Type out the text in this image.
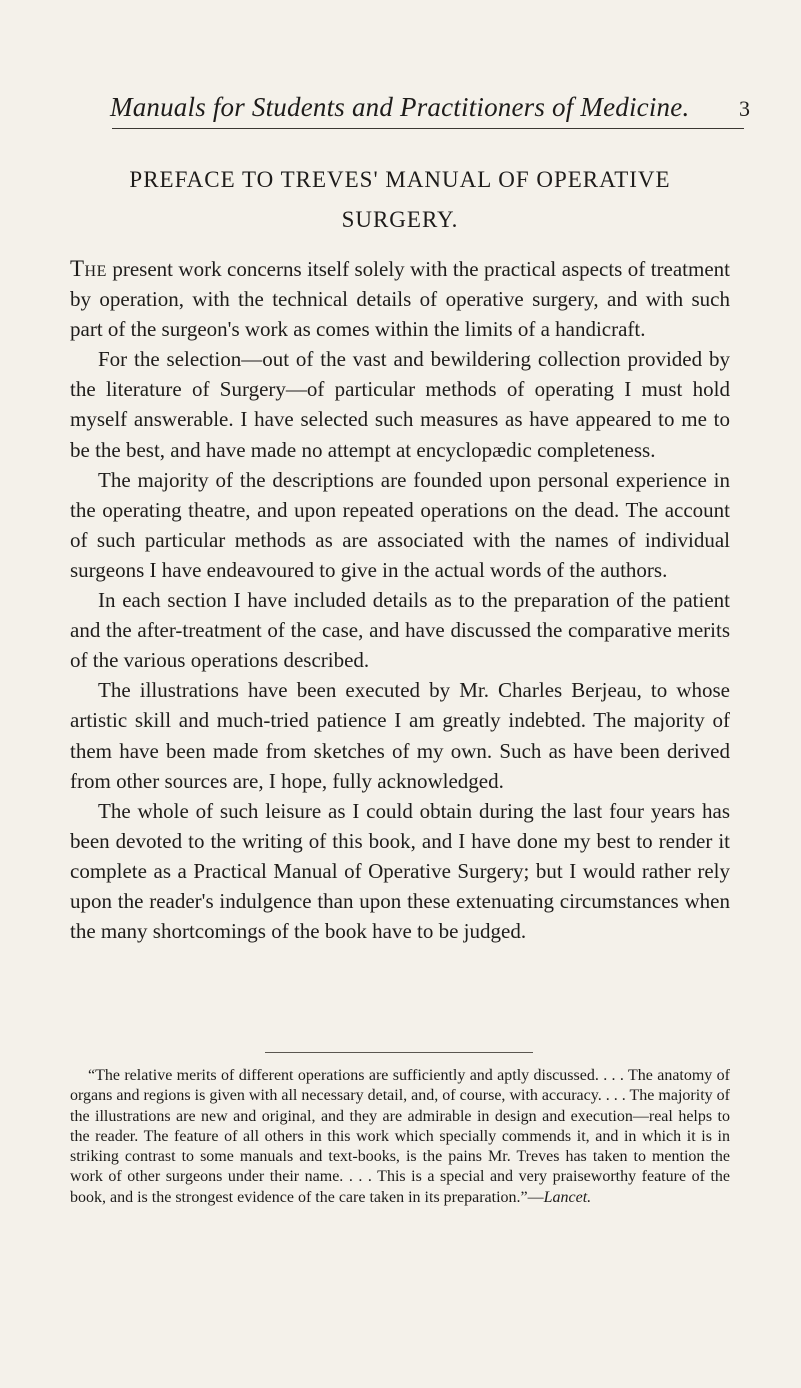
Manuals for Students and Practitioners of Medicine. 3
PREFACE TO TREVES' MANUAL OF OPERATIVE
SURGERY.

The present work concerns itself solely with the practical aspects of treatment by operation, with the technical details of operative surgery, and with such part of the surgeon's work as comes within the limits of a handicraft.

For the selection—out of the vast and bewildering collection provided by the literature of Surgery—of particular methods of operating I must hold myself answerable. I have selected such measures as have appeared to me to be the best, and have made no attempt at encyclopædic completeness.

The majority of the descriptions are founded upon personal experience in the operating theatre, and upon repeated operations on the dead. The account of such particular methods as are associated with the names of individual surgeons I have endeavoured to give in the actual words of the authors.

In each section I have included details as to the preparation of the patient and the after-treatment of the case, and have discussed the comparative merits of the various operations described.

The illustrations have been executed by Mr. Charles Berjeau, to whose artistic skill and much-tried patience I am greatly indebted. The majority of them have been made from sketches of my own. Such as have been derived from other sources are, I hope, fully acknowledged.

The whole of such leisure as I could obtain during the last four years has been devoted to the writing of this book, and I have done my best to render it complete as a Practical Manual of Operative Surgery; but I would rather rely upon the reader's indulgence than upon these extenuating circumstances when the many shortcomings of the book have to be judged.

“The relative merits of different operations are sufficiently and aptly discussed. . . . The anatomy of organs and regions is given with all necessary detail, and, of course, with accuracy. . . . The majority of the illustrations are new and original, and they are admirable in design and execution—real helps to the reader. The feature of all others in this work which specially commends it, and in which it is in striking contrast to some manuals and text-books, is the pains Mr. Treves has taken to mention the work of other surgeons under their name. . . . This is a special and very praiseworthy feature of the book, and is the strongest evidence of the care taken in its preparation.”—Lancet.
